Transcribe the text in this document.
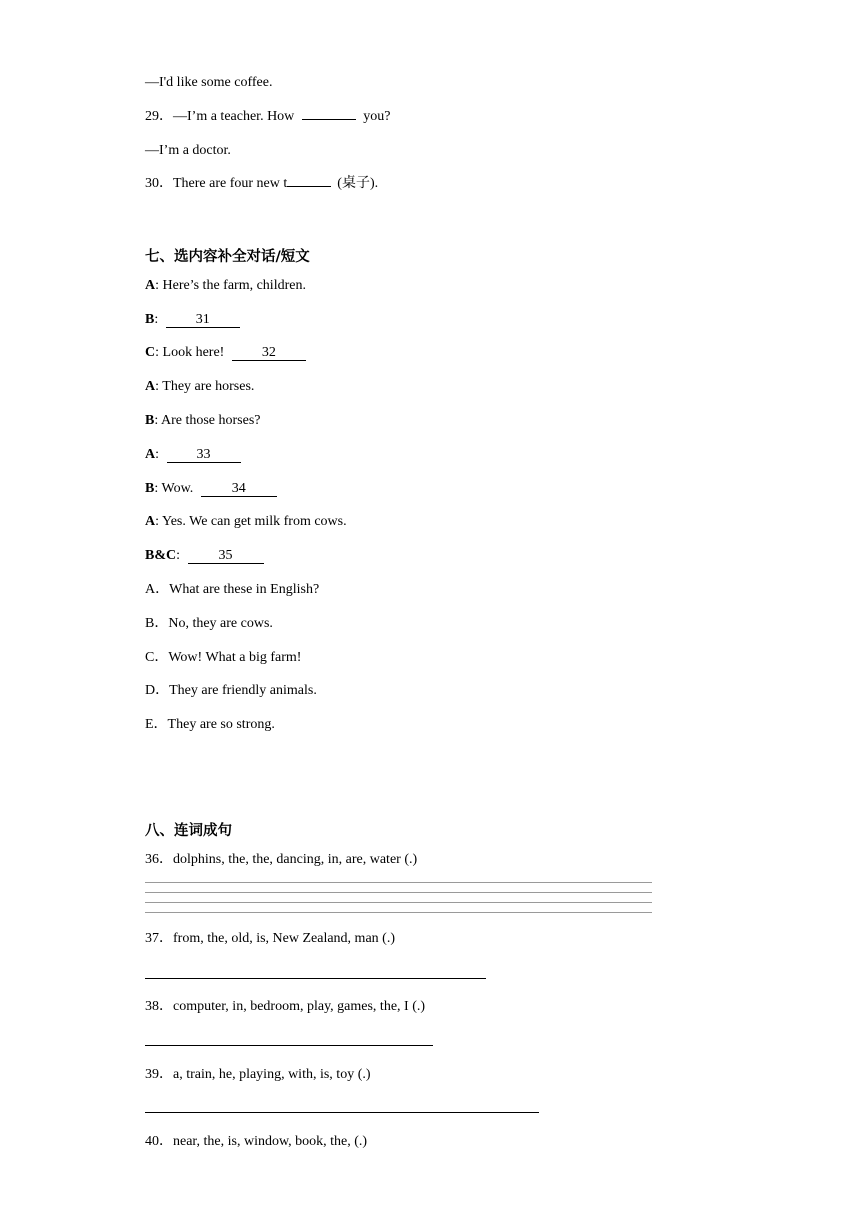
—I'd like some coffee.
29．—I’m a teacher. How	you?
—I’m a doctor.
30．There are four new t	(桌子).
七、选内容补全对话/短文
A: Here’s the farm, children.
B:	31
C: Look here!	32
A: They are horses.
B: Are those horses?
A:	33
B: Wow.	34
A: Yes. We can get milk from cows.
B&C:	35
A．What are these in English?
B．No, they are cows.
C．Wow! What a big farm!
D．They are friendly animals.
E．They are so strong.
八、连词成句
36．dolphins, the, the, dancing, in, are, water (.)
37．from, the, old, is, New Zealand, man (.)
38．computer, in, bedroom, play, games, the, I (.)
39．a, train, he, playing, with, is, toy (.)
40．near, the, is, window, book, the, (.)
